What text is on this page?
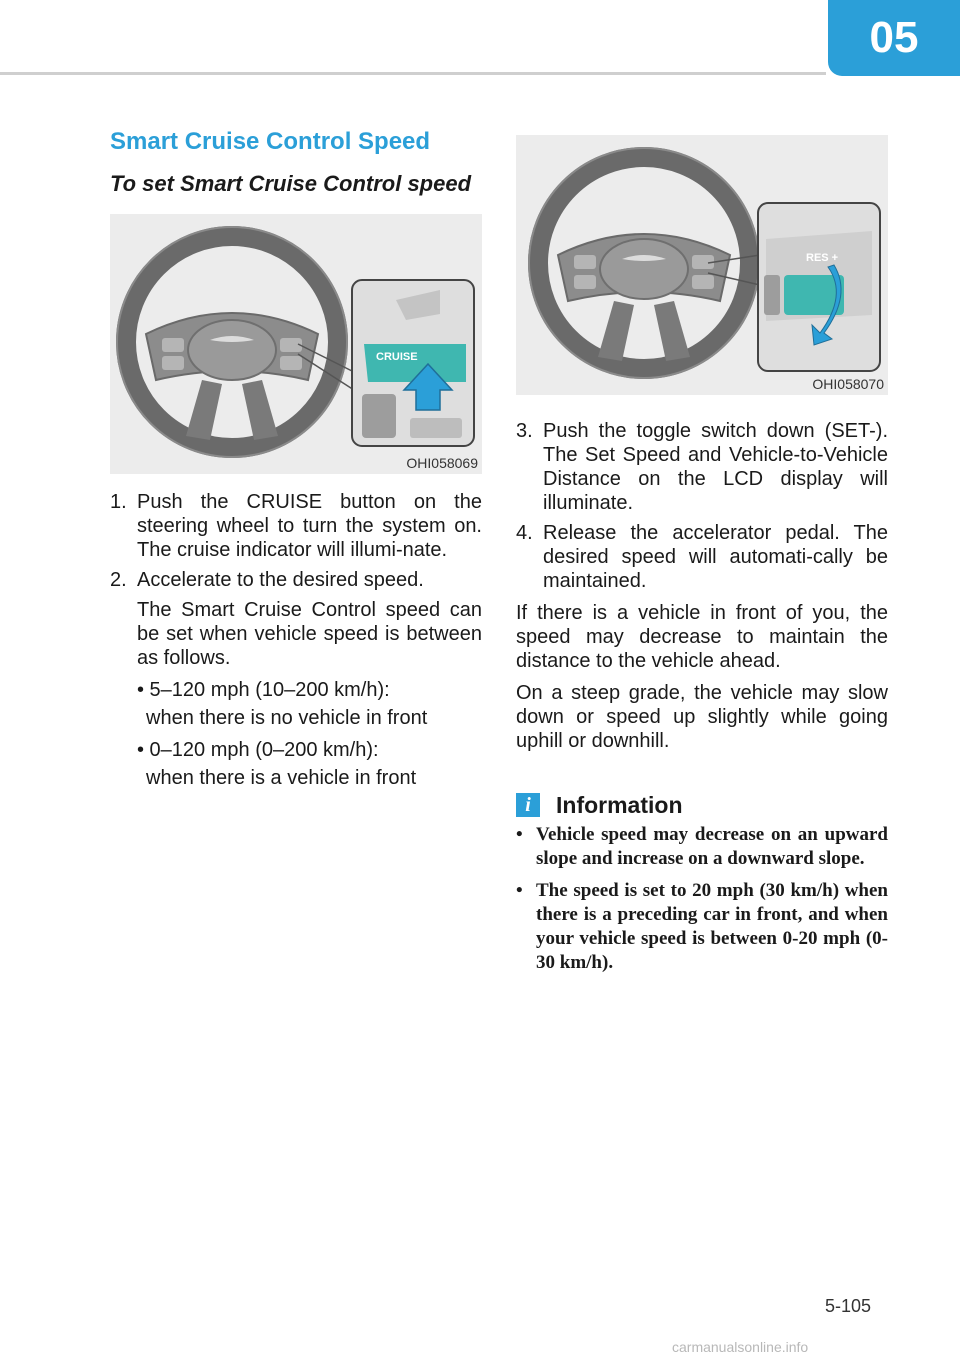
05
Smart Cruise Control Speed
To set Smart Cruise Control speed
CRUISE
OHI058069
1. Push the CRUISE button on the steering wheel to turn the system on. The cruise indicator will illumi-nate.
2. Accelerate to the desired speed.
The Smart Cruise Control speed can be set when vehicle speed is between as follows.
• 5–120 mph (10–200 km/h):
when there is no vehicle in front
• 0–120 mph (0–200 km/h):
when there is a vehicle in front
RES +
OHI058070
3. Push the toggle switch down (SET-). The Set Speed and Vehicle-to-Vehicle Distance on the LCD display will illuminate.
4. Release the accelerator pedal. The desired speed will automati-cally be maintained.
If there is a vehicle in front of you, the speed may decrease to maintain the distance to the vehicle ahead.
On a steep grade, the vehicle may slow down or speed up slightly while going uphill or downhill.
i	Information
• Vehicle speed may decrease on an upward slope and increase on a downward slope.
• The speed is set to 20 mph (30 km/h) when there is a preceding car in front, and when your vehicle speed is between 0-20 mph (0-30 km/h).
5-105
carmanualsonline.info
